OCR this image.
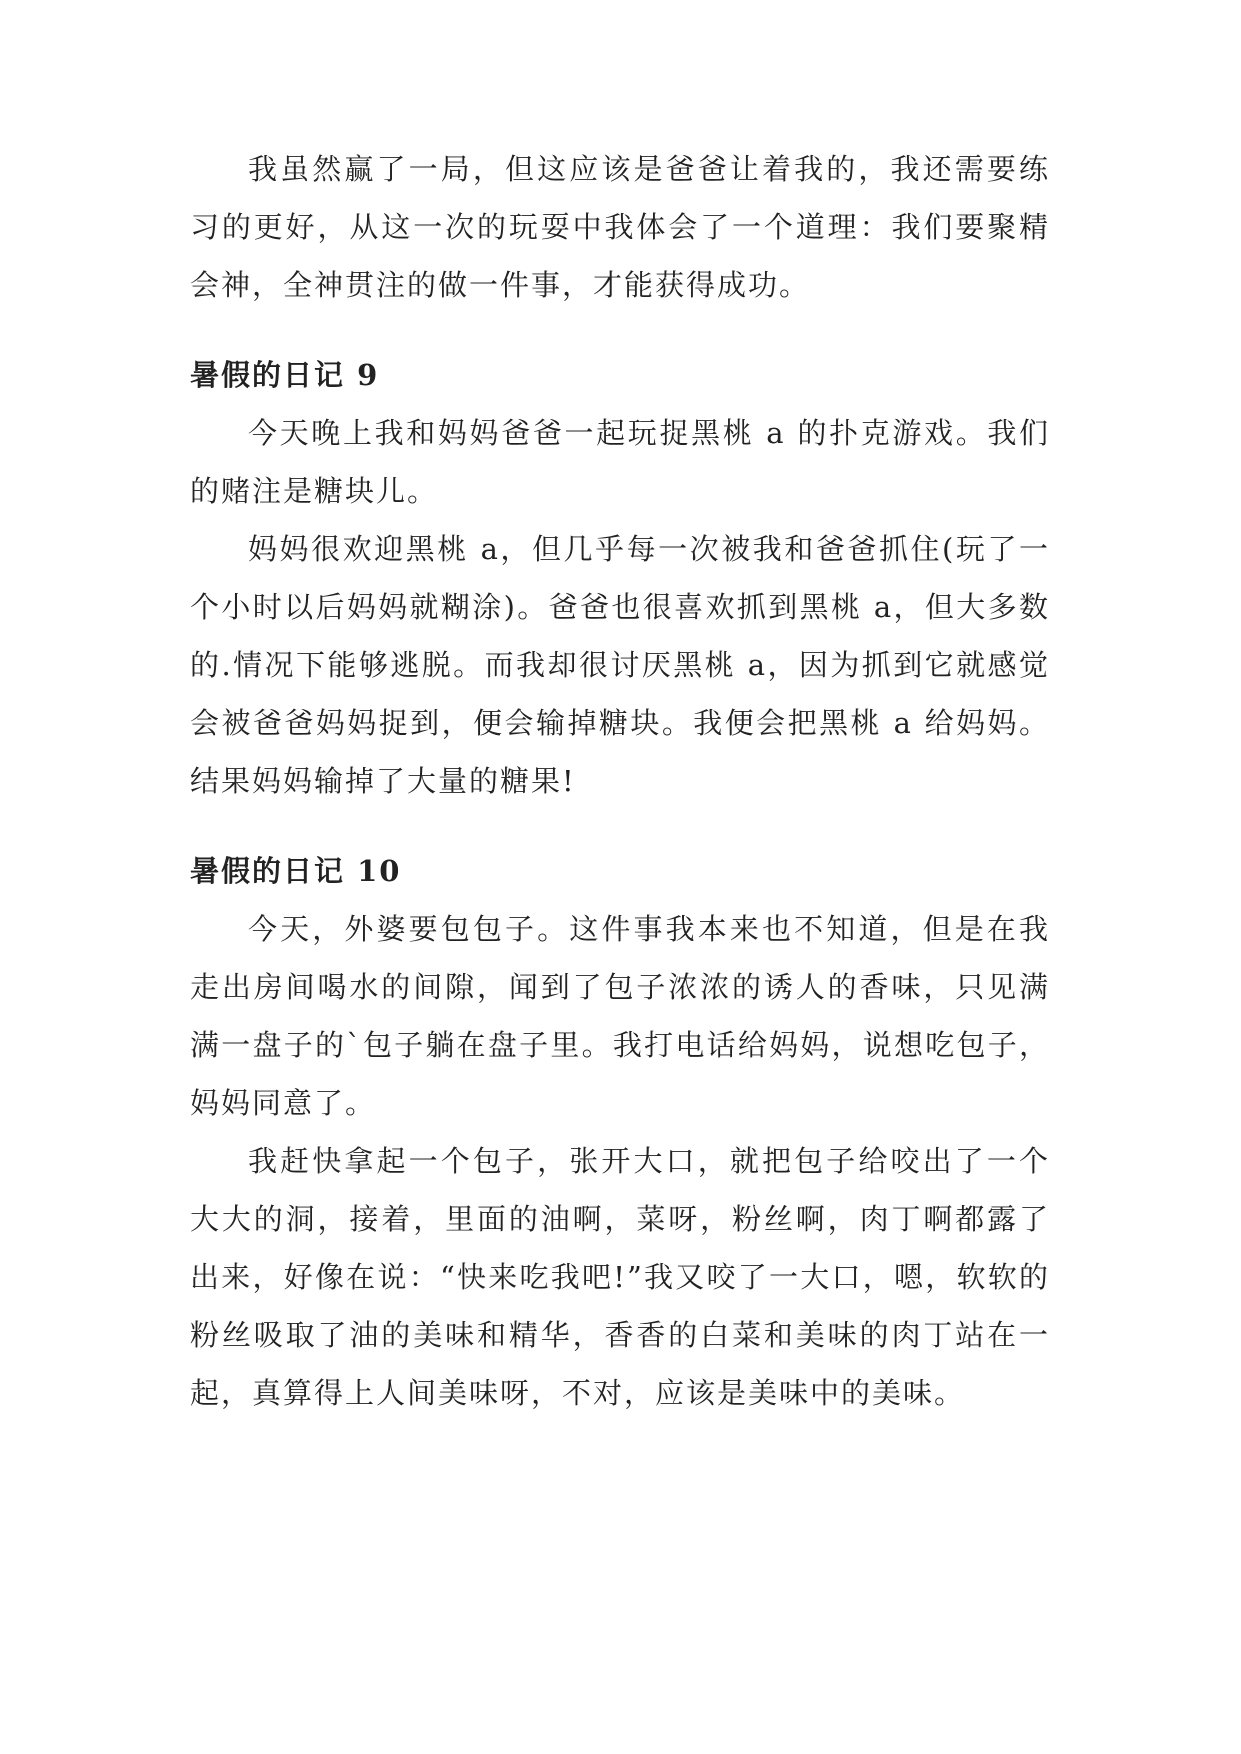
我虽然赢了一局，但这应该是爸爸让着我的，我还需要练习的更好，从这一次的玩耍中我体会了一个道理：我们要聚精会神，全神贯注的做一件事，才能获得成功。

暑假的日记 9

今天晚上我和妈妈爸爸一起玩捉黑桃 a 的扑克游戏。我们的赌注是糖块儿。

妈妈很欢迎黑桃 a，但几乎每一次被我和爸爸抓住(玩了一个小时以后妈妈就糊涂)。爸爸也很喜欢抓到黑桃 a，但大多数的.情况下能够逃脱。而我却很讨厌黑桃 a，因为抓到它就感觉会被爸爸妈妈捉到，便会输掉糖块。我便会把黑桃 a 给妈妈。结果妈妈输掉了大量的糖果!

暑假的日记 10

今天，外婆要包包子。这件事我本来也不知道，但是在我走出房间喝水的间隙，闻到了包子浓浓的诱人的香味，只见满满一盘子的`包子躺在盘子里。我打电话给妈妈，说想吃包子，妈妈同意了。

我赶快拿起一个包子，张开大口，就把包子给咬出了一个大大的洞，接着，里面的油啊，菜呀，粉丝啊，肉丁啊都露了出来，好像在说：“快来吃我吧!”我又咬了一大口，嗯，软软的粉丝吸取了油的美味和精华，香香的白菜和美味的肉丁站在一起，真算得上人间美味呀，不对，应该是美味中的美味。
